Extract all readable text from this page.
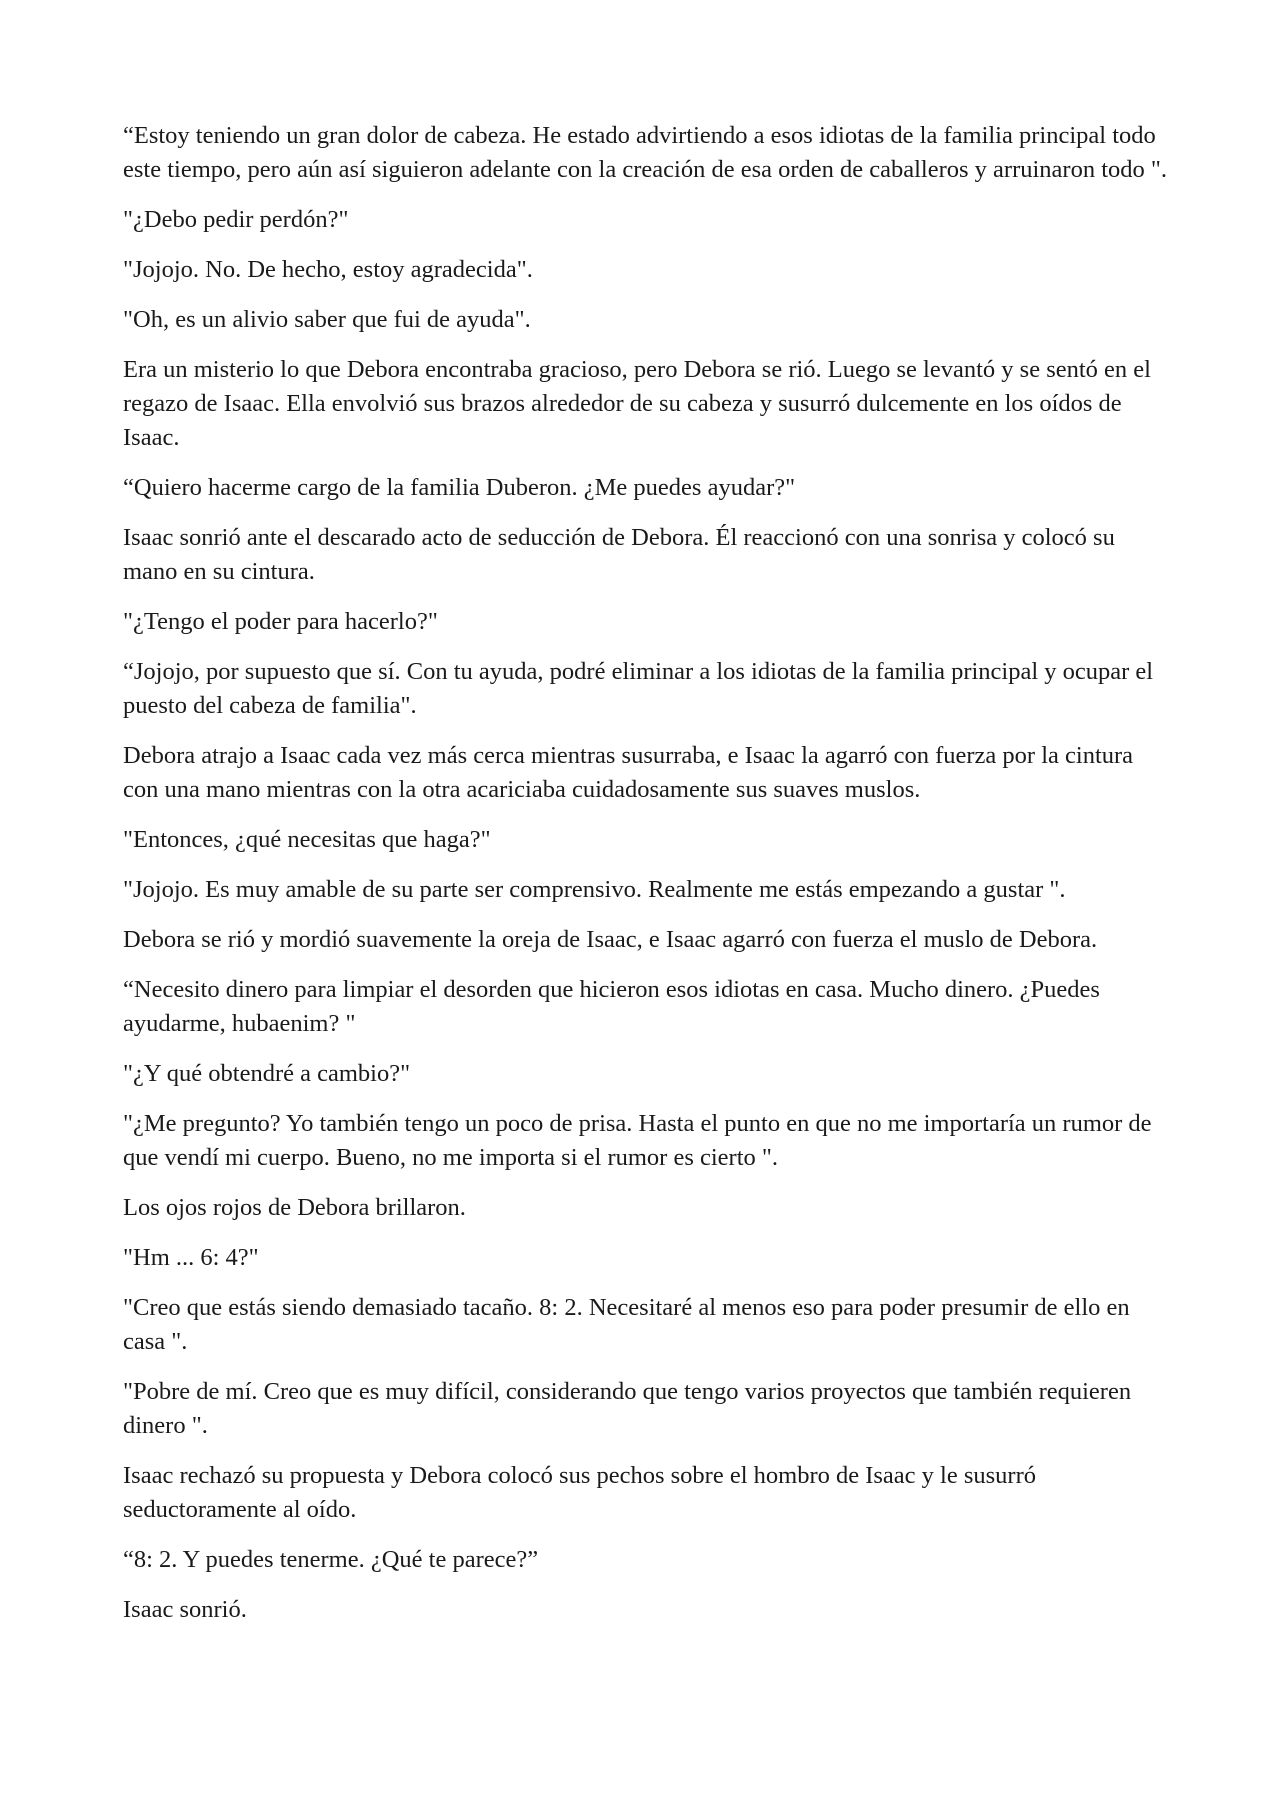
“Estoy teniendo un gran dolor de cabeza. He estado advirtiendo a esos idiotas de la familia principal todo este tiempo, pero aún así siguieron adelante con la creación de esa orden de caballeros y arruinaron todo ".

"¿Debo pedir perdón?"

"Jojojo. No. De hecho, estoy agradecida".

"Oh, es un alivio saber que fui de ayuda".

Era un misterio lo que Debora encontraba gracioso, pero Debora se rió. Luego se levantó y se sentó en el regazo de Isaac. Ella envolvió sus brazos alrededor de su cabeza y susurró dulcemente en los oídos de Isaac.

“Quiero hacerme cargo de la familia Duberon. ¿Me puedes ayudar?"

Isaac sonrió ante el descarado acto de seducción de Debora. Él reaccionó con una sonrisa y colocó su mano en su cintura.

"¿Tengo el poder para hacerlo?"

“Jojojo, por supuesto que sí. Con tu ayuda, podré eliminar a los idiotas de la familia principal y ocupar el puesto del cabeza de familia".

Debora atrajo a Isaac cada vez más cerca mientras susurraba, e Isaac la agarró con fuerza por la cintura con una mano mientras con la otra acariciaba cuidadosamente sus suaves muslos.

"Entonces, ¿qué necesitas que haga?"

"Jojojo. Es muy amable de su parte ser comprensivo. Realmente me estás empezando a gustar ".

Debora se rió y mordió suavemente la oreja de Isaac, e Isaac agarró con fuerza el muslo de Debora.

“Necesito dinero para limpiar el desorden que hicieron esos idiotas en casa. Mucho dinero. ¿Puedes ayudarme, hubaenim? "

"¿Y qué obtendré a cambio?"

"¿Me pregunto? Yo también tengo un poco de prisa. Hasta el punto en que no me importaría un rumor de que vendí mi cuerpo. Bueno, no me importa si el rumor es cierto ".

Los ojos rojos de Debora brillaron.

"Hm ... 6: 4?"

"Creo que estás siendo demasiado tacaño. 8: 2. Necesitaré al menos eso para poder presumir de ello en casa ".

"Pobre de mí. Creo que es muy difícil, considerando que tengo varios proyectos que también requieren dinero ".

Isaac rechazó su propuesta y Debora colocó sus pechos sobre el hombro de Isaac y le susurró seductoramente al oído.

“8: 2. Y puedes tenerme. ¿Qué te parece?”

Isaac sonrió.
